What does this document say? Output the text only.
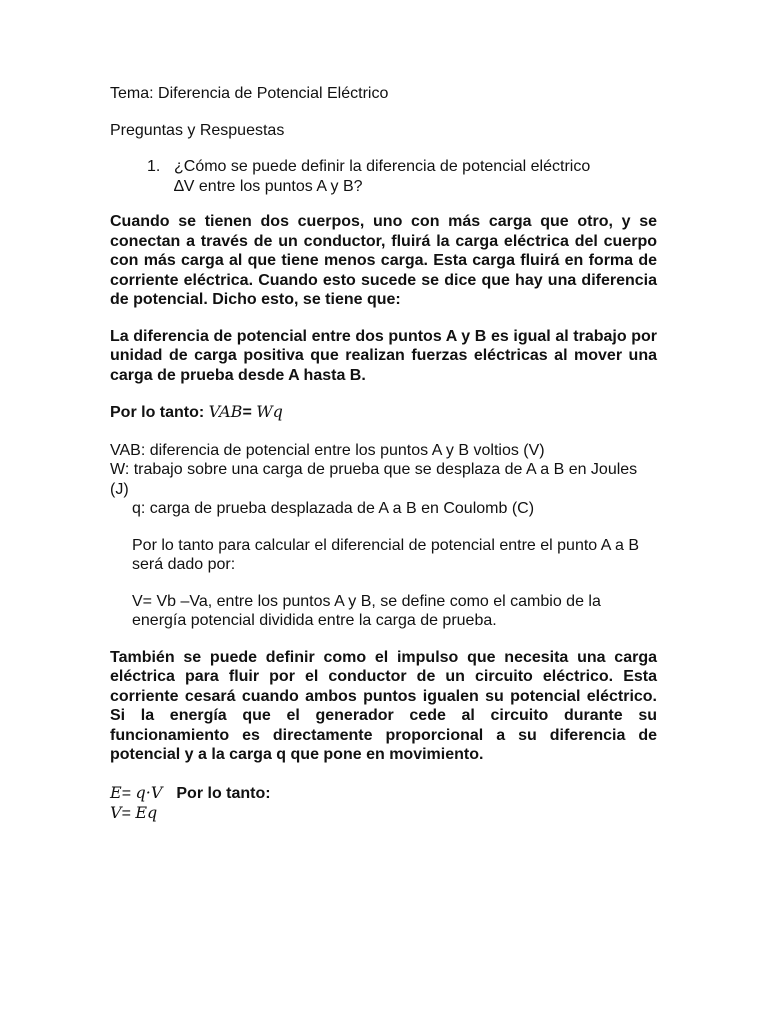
Tema: Diferencia de Potencial Eléctrico

Preguntas y Respuestas

1. ¿Cómo se puede definir la diferencia de potencial eléctrico
∆V entre los puntos A y B?

Cuando se tienen dos cuerpos, uno con más carga que otro, y se conectan a través de un conductor, fluirá la carga eléctrica del cuerpo con más carga al que tiene menos carga. Esta carga fluirá en forma de corriente eléctrica. Cuando esto sucede se dice que hay una diferencia de potencial. Dicho esto, se tiene que:

La diferencia de potencial entre dos puntos A y B es igual al trabajo por unidad de carga positiva que realizan fuerzas eléctricas al mover una carga de prueba desde A hasta B.

Por lo tanto: VAB= Wq

VAB: diferencia de potencial entre los puntos A y B voltios (V)

W: trabajo sobre una carga de prueba que se desplaza de A a B en Joules (J)

q: carga de prueba desplazada de A a B en Coulomb (C)

Por lo tanto para calcular el diferencial de potencial entre el punto A a B será dado por:

V= Vb –Va, entre los puntos A y B, se define como el cambio de la energía potencial dividida entre la carga de prueba.

También se puede definir como el impulso que necesita una carga eléctrica para fluir por el conductor de un circuito eléctrico. Esta corriente cesará cuando ambos puntos igualen su potencial eléctrico. Si la energía que el generador cede al circuito durante su funcionamiento es directamente proporcional a su diferencia de potencial y a la carga q que pone en movimiento.

E= q·V Por lo tanto:
V= Eq
